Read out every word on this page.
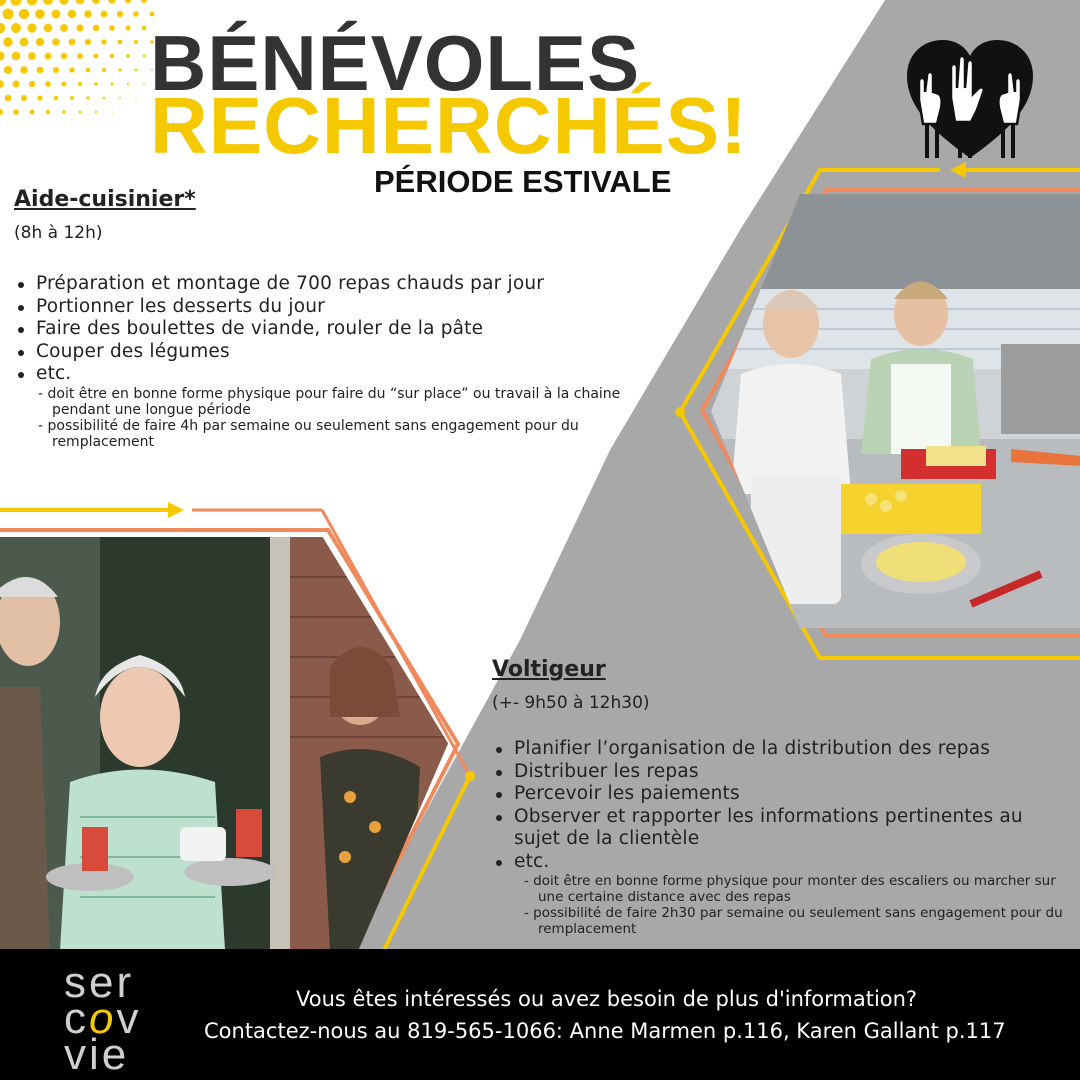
BÉNÉVOLES
RECHERCHÉS!
PÉRIODE ESTIVALE
Aide-cuisinier*

(8h à 12h)

Préparation et montage de 700 repas chauds par jour
Portionner les desserts du jour
Faire des boulettes de viande, rouler de la pâte
Couper des légumes
etc.
- doit être en bonne forme physique pour faire du “sur place” ou travail à la chaine pendant une longue période
- possibilité de faire 4h par semaine ou seulement sans engagement pour du remplacement
Voltigeur

(+- 9h50 à 12h30)

Planifier l’organisation de la distribution des repas
Distribuer les repas
Percevoir les paiements
Observer et rapporter les informations pertinentes au sujet de la clientèle
etc.
- doit être en bonne forme physique pour monter des escaliers ou marcher sur une certaine distance avec des repas
- possibilité de faire 2h30 par semaine ou seulement sans engagement pour du remplacement
ser
cov
vie

Vous êtes intéressés ou avez besoin de plus d'information?

Contactez-nous au 819-565-1066: Anne Marmen p.116, Karen Gallant p.117
